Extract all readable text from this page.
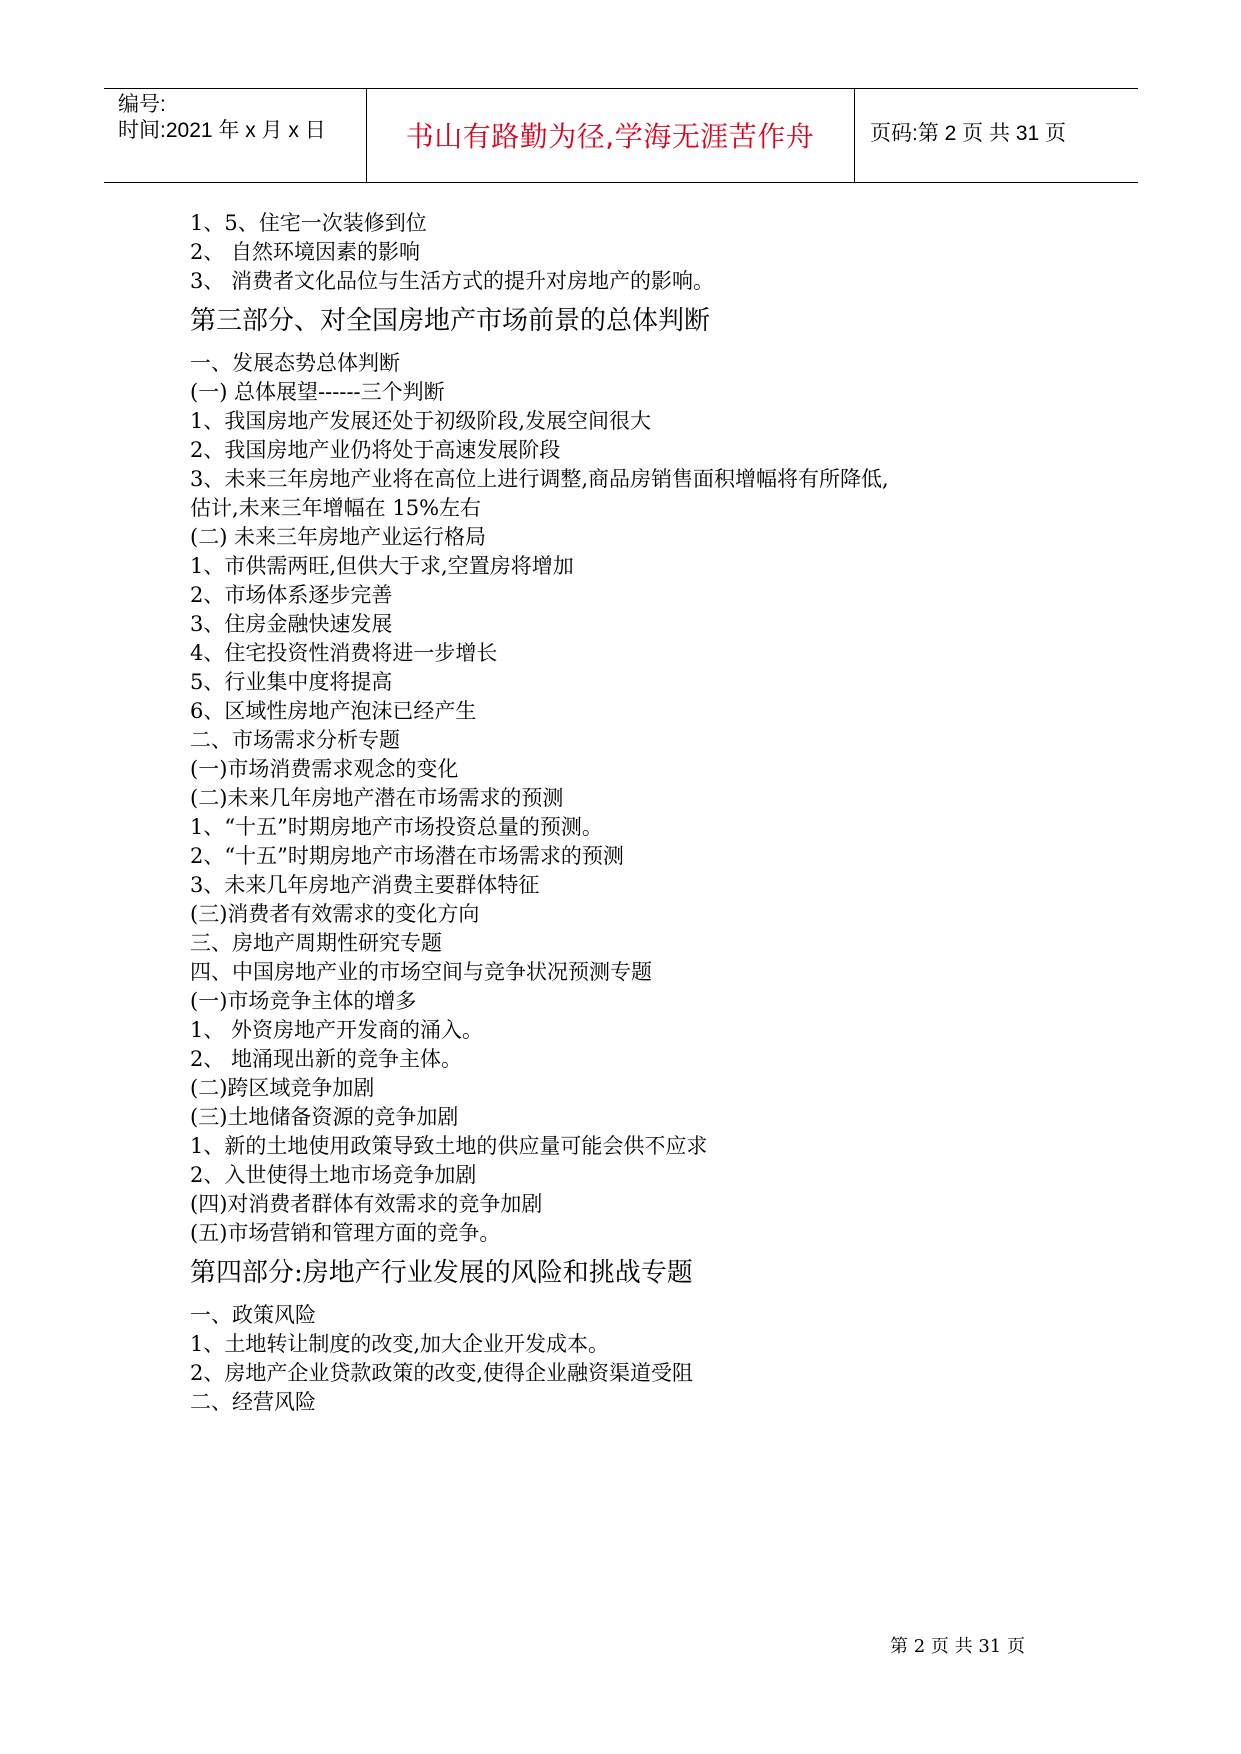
编号:
时间:2021 年 x 月 x 日	书山有路勤为径,学海无涯苦作舟	页码:第 2 页 共 31 页
1、5、住宅一次装修到位
2、 自然环境因素的影响
3、 消费者文化品位与生活方式的提升对房地产的影响。
第三部分、对全国房地产市场前景的总体判断
一、发展态势总体判断
(一) 总体展望------三个判断
1、我国房地产发展还处于初级阶段,发展空间很大
2、我国房地产业仍将处于高速发展阶段
3、未来三年房地产业将在高位上进行调整,商品房销售面积增幅将有所降低,
估计,未来三年增幅在 15%左右
(二) 未来三年房地产业运行格局
1、市供需两旺,但供大于求,空置房将增加
2、市场体系逐步完善
3、住房金融快速发展
4、住宅投资性消费将进一步增长
5、行业集中度将提高
6、区域性房地产泡沫已经产生
二、市场需求分析专题
(一)市场消费需求观念的变化
(二)未来几年房地产潜在市场需求的预测
1、“十五”时期房地产市场投资总量的预测。
2、“十五”时期房地产市场潜在市场需求的预测
3、未来几年房地产消费主要群体特征
(三)消费者有效需求的变化方向
三、房地产周期性研究专题
四、中国房地产业的市场空间与竞争状况预测专题
(一)市场竞争主体的增多
1、 外资房地产开发商的涌入。
2、 地涌现出新的竞争主体。
(二)跨区域竞争加剧
(三)土地储备资源的竞争加剧
1、新的土地使用政策导致土地的供应量可能会供不应求
2、入世使得土地市场竞争加剧
(四)对消费者群体有效需求的竞争加剧
(五)市场营销和管理方面的竞争。
第四部分:房地产行业发展的风险和挑战专题
一、政策风险
1、土地转让制度的改变,加大企业开发成本。
2、房地产企业贷款政策的改变,使得企业融资渠道受阻
二、经营风险
第 2 页 共 31 页
